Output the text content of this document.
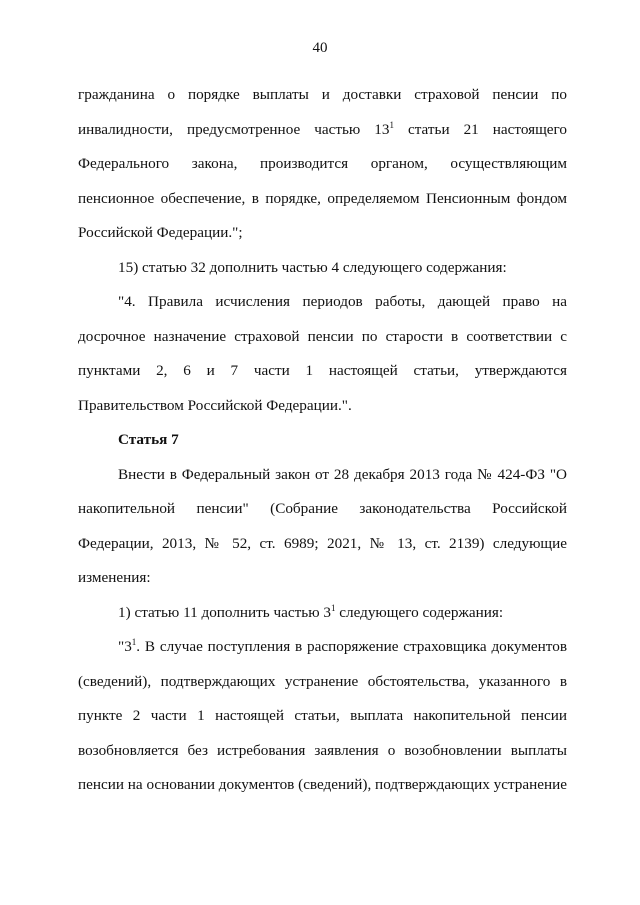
40

гражданина о порядке выплаты и доставки страховой пенсии по инвалидности, предусмотренное частью $13^1$ статьи 21 настоящего Федерального закона, производится органом, осуществляющим пенсионное обеспечение, в порядке, определяемом Пенсионным фондом Российской Федерации.";

15) статью 32 дополнить частью 4 следующего содержания:

"4. Правила исчисления периодов работы, дающей право на досрочное назначение страховой пенсии по старости в соответствии с пунктами 2, 6 и 7 части 1 настоящей статьи, утверждаются Правительством Российской Федерации.".

Статья 7

Внести в Федеральный закон от 28 декабря 2013 года № 424-ФЗ "О накопительной пенсии" (Собрание законодательства Российской Федерации, 2013, № 52, ст. 6989; 2021, № 13, ст. 2139) следующие изменения:

1) статью 11 дополнить частью $3^1$ следующего содержания:

"$3^1$. В случае поступления в распоряжение страховщика документов (сведений), подтверждающих устранение обстоятельства, указанного в пункте 2 части 1 настоящей статьи, выплата накопительной пенсии возобновляется без истребования заявления о возобновлении выплаты пенсии на основании документов (сведений), подтверждающих устранение
